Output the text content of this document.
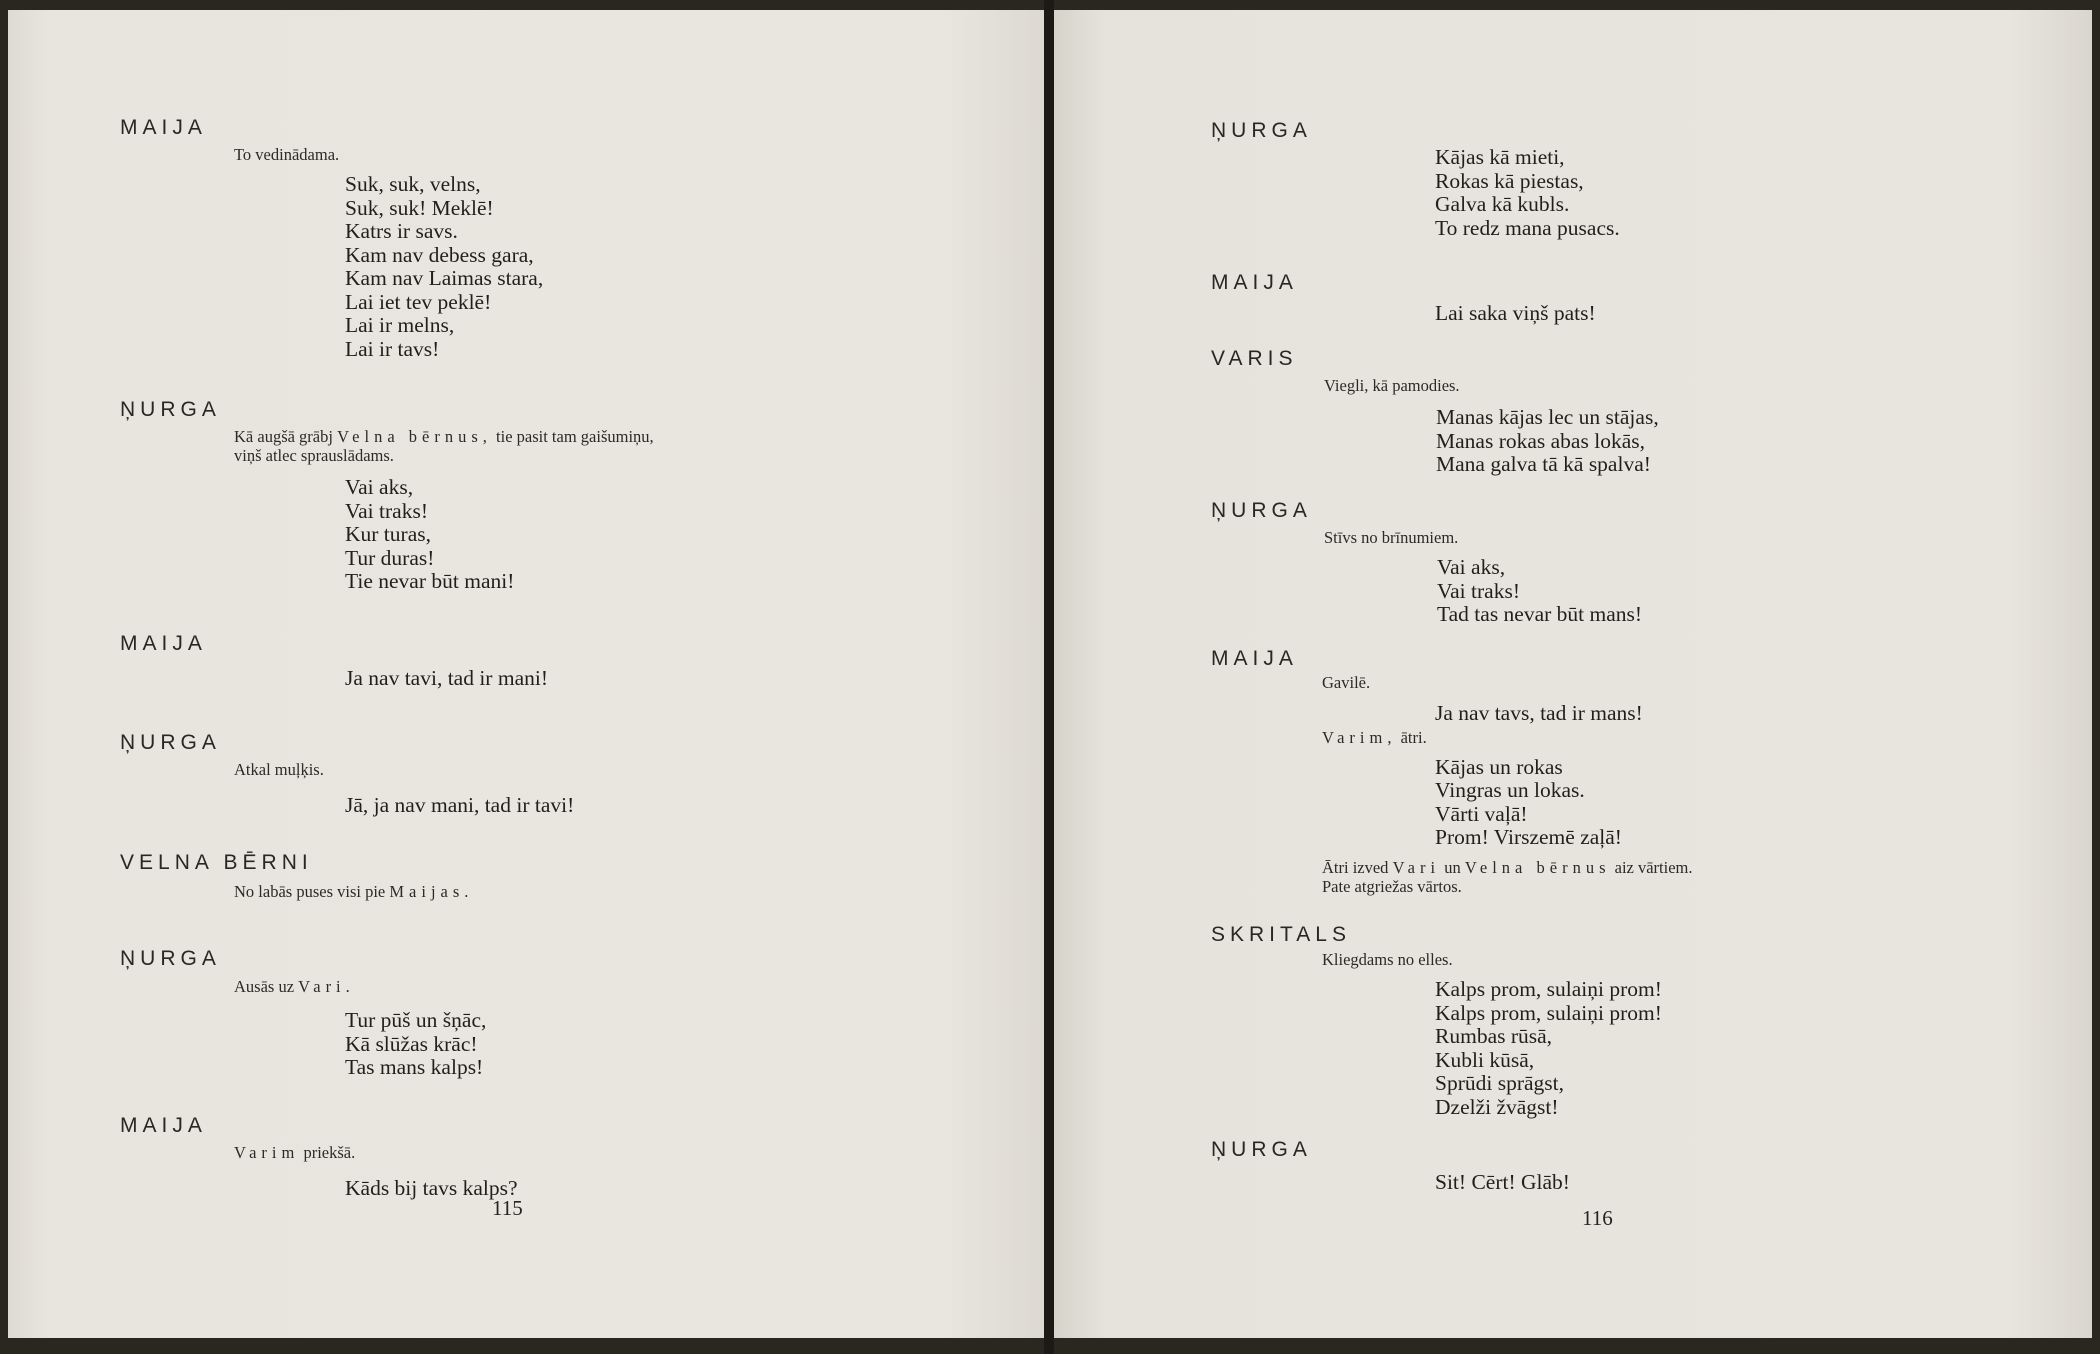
MAIJA

To vedinādama.

Suk, suk, velns,
Suk, suk! Meklē!
Katrs ir savs.
Kam nav debess gara,
Kam nav Laimas stara,
Lai iet tev peklē!
Lai ir melns,
Lai ir tavs!

ŅURGA

Kā augšā grābj Velna bērnus, tie pasit tam gaišumiņu,

viņš atlec sprauslādams.

Vai aks,
Vai traks!
Kur turas,
Tur duras!
Tie nevar būt mani!

MAIJA

Ja nav tavi, tad ir mani!

ŅURGA

Atkal muļķis.

Jā, ja nav mani, tad ir tavi!

VELNA BĒRNI

No labās puses visi pie Maijas.

ŅURGA

Ausās uz Vari.

Tur pūš un šņāc,
Kā slūžas krāc!
Tas mans kalps!

MAIJA

Varim priekšā.

Kāds bij tavs kalps?
115

ŅURGA

Kājas kā mieti,
Rokas kā piestas,
Galva kā kubls.
To redz mana pusacs.

MAIJA

Lai saka viņš pats!

VARIS

Viegli, kā pamodies.

Manas kājas lec un stājas,
Manas rokas abas lokās,
Mana galva tā kā spalva!

ŅURGA

Stīvs no brīnumiem.

Vai aks,
Vai traks!
Tad tas nevar būt mans!

MAIJA

Gavilē.

Ja nav tavs, tad ir mans!

Varim, ātri.

Kājas un rokas
Vingras un lokas.
Vārti vaļā!
Prom! Virszemē zaļā!

Ātri izved Vari un Velna bērnus aiz vārtiem.

Pate atgriežas vārtos.

SKRITALS

Kliegdams no elles.

Kalps prom, sulaiņi prom!
Kalps prom, sulaiņi prom!
Rumbas rūsā,
Kubli kūsā,
Sprūdi sprāgst,
Dzelži žvāgst!

ŅURGA

Sit! Cērt! Glāb!
116
